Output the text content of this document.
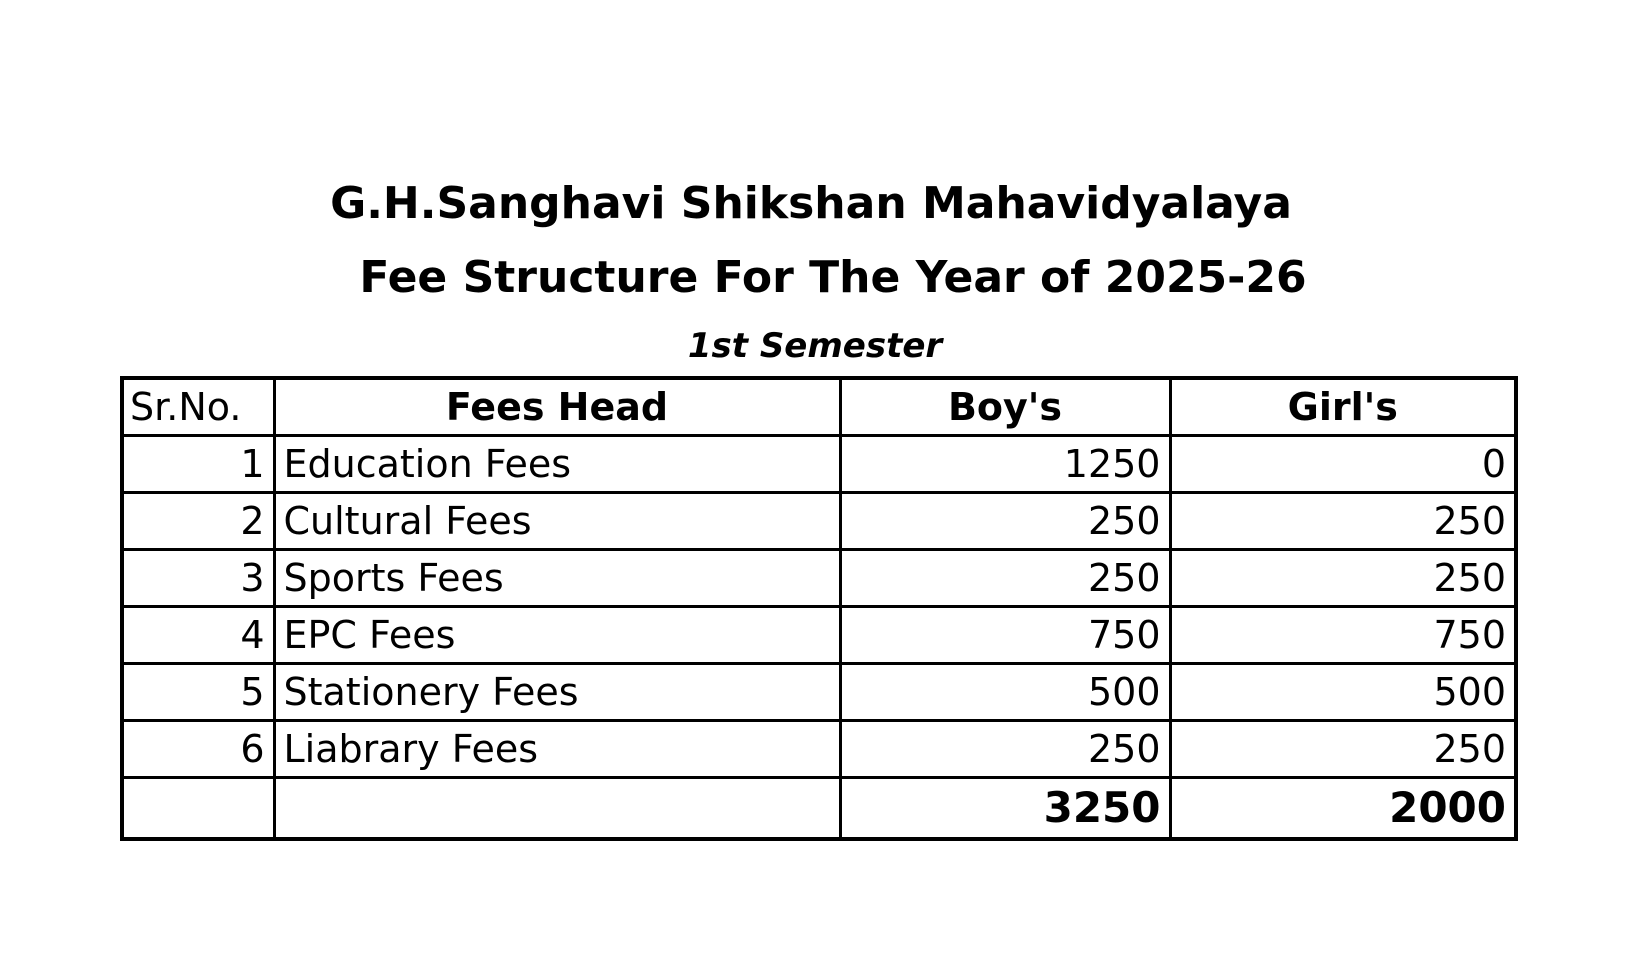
G.H.Sanghavi Shikshan Mahavidyalaya
Fee Structure For The Year of 2025-26
1st Semester
Sr.No.	Fees Head	Boy's	Girl's
1	Education Fees	1250	0
2	Cultural Fees	250	250
3	Sports Fees	250	250
4	EPC Fees	750	750
5	Stationery Fees	500	500
6	Liabrary Fees	250	250
		3250	2000
